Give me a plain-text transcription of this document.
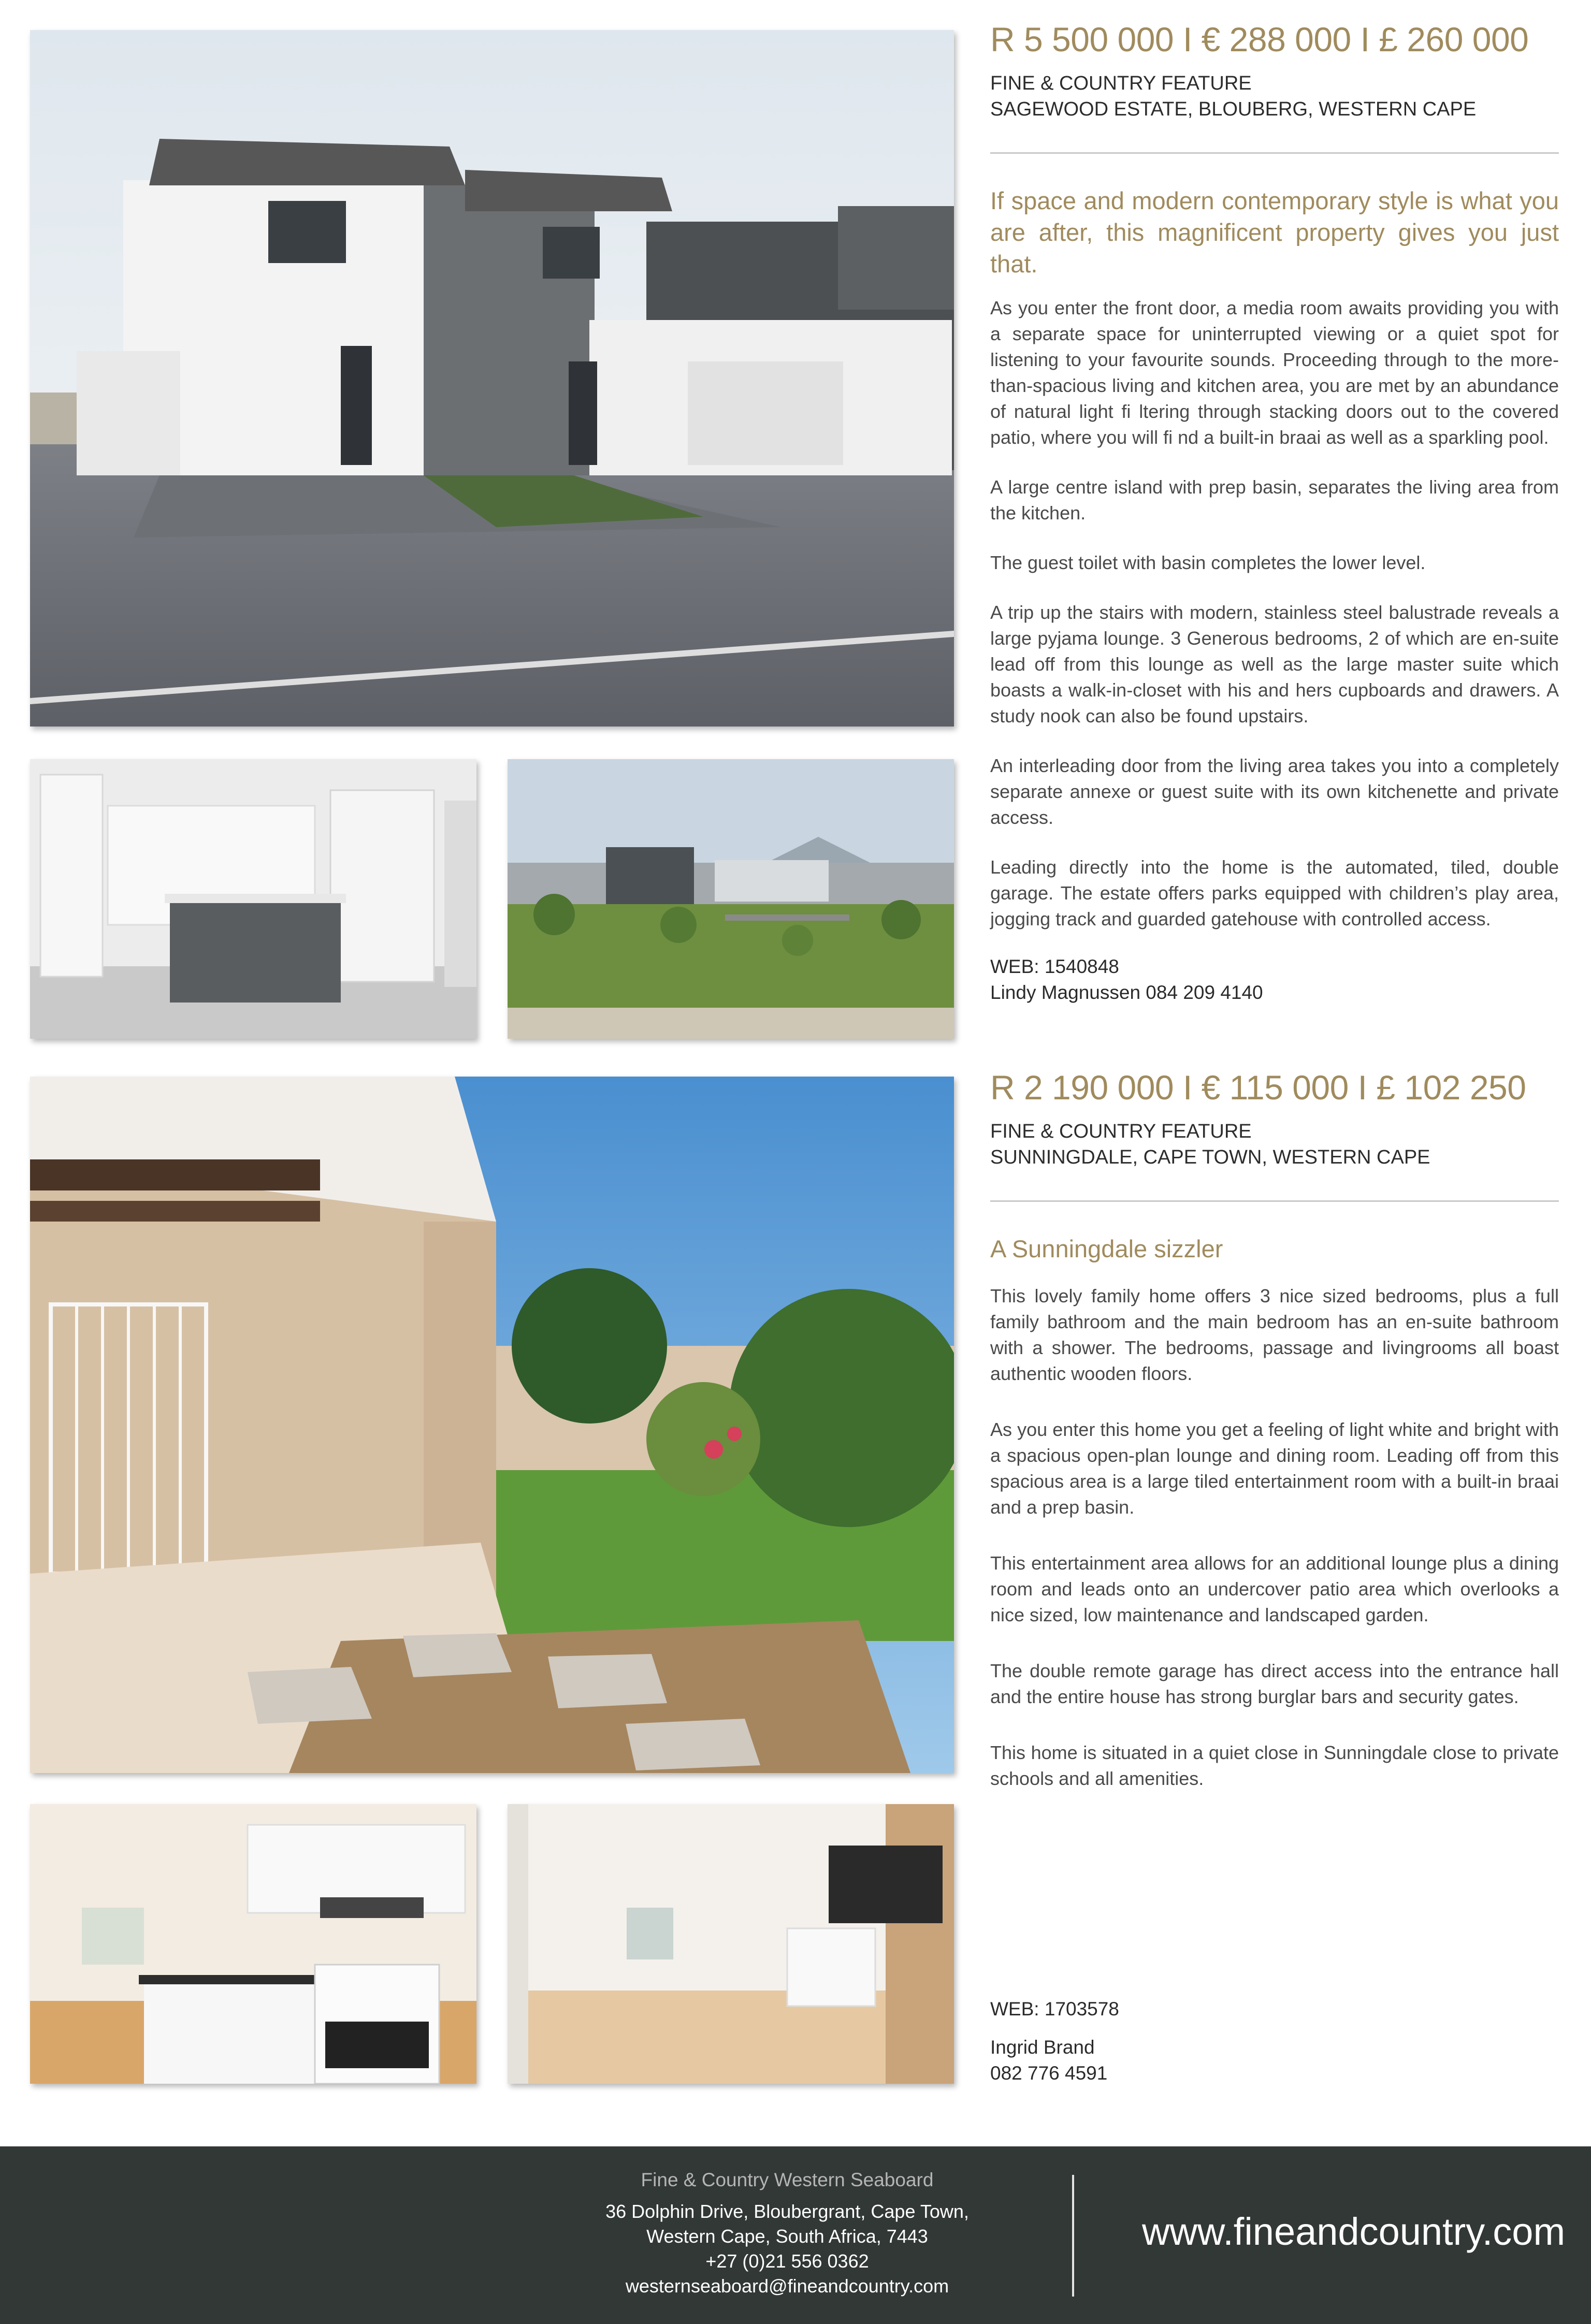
R 5 500 000 I € 288 000 I £ 260 000

FINE & COUNTRY FEATURE

SAGEWOOD ESTATE, BLOUBERG, WESTERN CAPE

If space and modern contemporary style is what you are after, this magnificent property gives you just that.

As you enter the front door, a media room awaits providing you with a separate space for uninterrupted viewing or a quiet spot for listening to your favourite sounds. Proceeding through to the more-than-spacious living and kitchen area, you are met by an abundance of natural light fi ltering through stacking doors out to the covered patio, where you will fi nd a built-in braai as well as a sparkling pool.

A large centre island with prep basin, separates the living area from the kitchen.

The guest toilet with basin completes the lower level.

A trip up the stairs with modern, stainless steel balustrade reveals a large pyjama lounge. 3 Generous bedrooms, 2 of which are en-suite lead off from this lounge as well as the large master suite which boasts a walk-in-closet with his and hers cupboards and drawers. A study nook can also be found upstairs.

An interleading door from the living area takes you into a completely separate annexe or guest suite with its own kitchenette and private access.

Leading directly into the home is the automated, tiled, double garage. The estate offers parks equipped with children’s play area, jogging track and guarded gatehouse with controlled access.

WEB: 1540848

Lindy Magnussen 084 209 4140

R 2 190 000 I € 115 000 I £ 102 250

FINE & COUNTRY FEATURE

SUNNINGDALE, CAPE TOWN, WESTERN CAPE

A Sunningdale sizzler

This lovely family home offers 3 nice sized bedrooms, plus a full family bathroom and the main bedroom has an en-suite bathroom with a shower. The bedrooms, passage and livingrooms all boast authentic wooden floors.

As you enter this home you get a feeling of light white and bright with a spacious open-plan lounge and dining room. Leading off from this spacious area is a large tiled entertainment room with a built-in braai and a prep basin.

This entertainment area allows for an additional lounge plus a dining room and leads onto an undercover patio area which overlooks a nice sized, low maintenance and landscaped garden.

The double remote garage has direct access into the entrance hall and the entire house has strong burglar bars and security gates.

This home is situated in a quiet close in Sunningdale close to private schools and all amenities.

WEB: 1703578

Ingrid Brand

082 776 4591

Fine & Country Western Seaboard
36 Dolphin Drive, Bloubergrant, Cape Town,
Western Cape, South Africa, 7443
+27 (0)21 556 0362
westernseaboard@fineandcountry.com
www.fineandcountry.com
